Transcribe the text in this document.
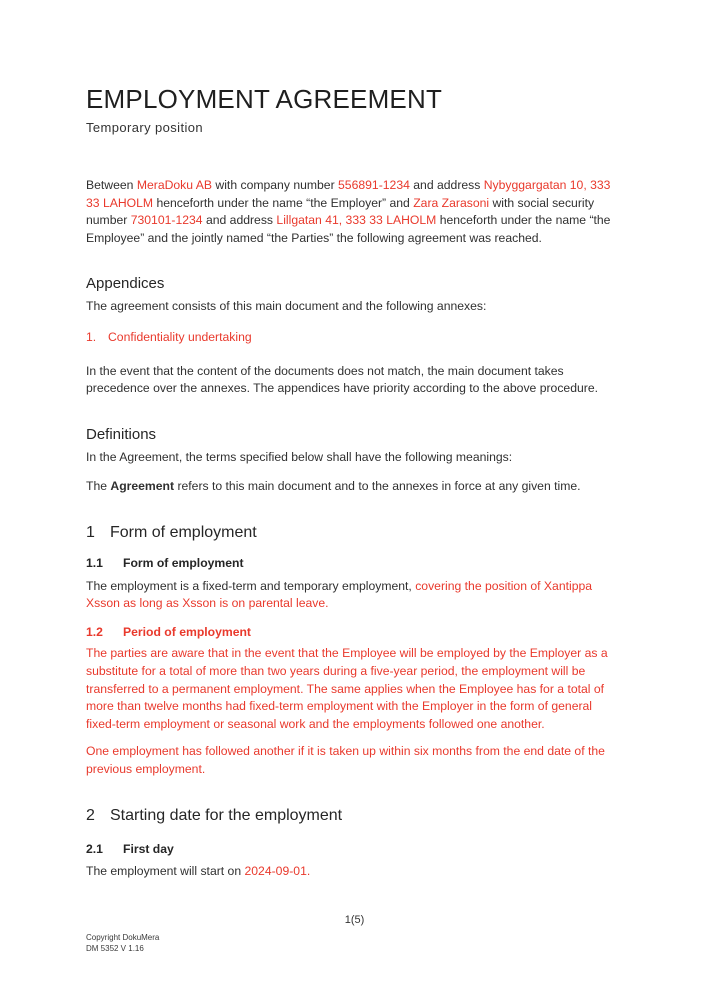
EMPLOYMENT AGREEMENT
Temporary position
Between MeraDoku AB with company number 556891-1234 and address Nybyggargatan 10, 333 33 LAHOLM henceforth under the name “the Employer” and Zara Zarasoni with social security number 730101-1234 and address Lillgatan 41, 333 33 LAHOLM henceforth under the name “the Employee” and the jointly named “the Parties” the following agreement was reached.
Appendices
The agreement consists of this main document and the following annexes:
1. Confidentiality undertaking
In the event that the content of the documents does not match, the main document takes precedence over the annexes. The appendices have priority according to the above procedure.
Definitions
In the Agreement, the terms specified below shall have the following meanings:
The Agreement refers to this main document and to the annexes in force at any given time.
1 Form of employment
1.1 Form of employment
The employment is a fixed-term and temporary employment, covering the position of Xantippa Xsson as long as Xsson is on parental leave.
1.2 Period of employment
The parties are aware that in the event that the Employee will be employed by the Employer as a substitute for a total of more than two years during a five-year period, the employment will be transferred to a permanent employment. The same applies when the Employee has for a total of more than twelve months had fixed-term employment with the Employer in the form of general fixed-term employment or seasonal work and the employments followed one another.
One employment has followed another if it is taken up within six months from the end date of the previous employment.
2 Starting date for the employment
2.1 First day
The employment will start on 2024-09-01.
1(5)
Copyright DokuMera
DM 5352 V 1.16
